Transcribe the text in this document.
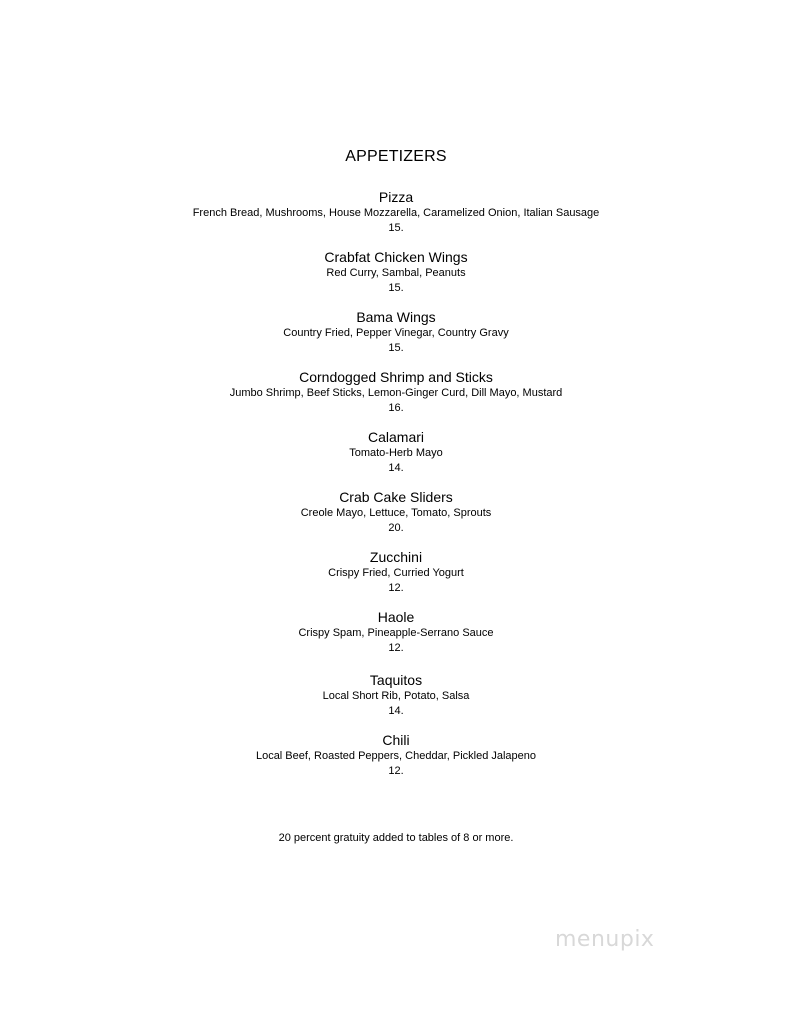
APPETIZERS
Pizza
French Bread, Mushrooms, House Mozzarella, Caramelized Onion, Italian Sausage
15.
Crabfat Chicken Wings
Red Curry, Sambal, Peanuts
15.
Bama Wings
Country Fried, Pepper Vinegar, Country Gravy
15.
Corndogged Shrimp and Sticks
Jumbo Shrimp, Beef Sticks, Lemon-Ginger Curd, Dill Mayo, Mustard
16.
Calamari
Tomato-Herb Mayo
14.
Crab Cake Sliders
Creole Mayo, Lettuce, Tomato, Sprouts
20.
Zucchini
Crispy Fried, Curried Yogurt
12.
Haole
Crispy Spam, Pineapple-Serrano Sauce
12.
Taquitos
Local Short Rib, Potato, Salsa
14.
Chili
Local Beef, Roasted Peppers, Cheddar, Pickled Jalapeno
12.
20 percent gratuity added to tables of 8 or more.
menupix
